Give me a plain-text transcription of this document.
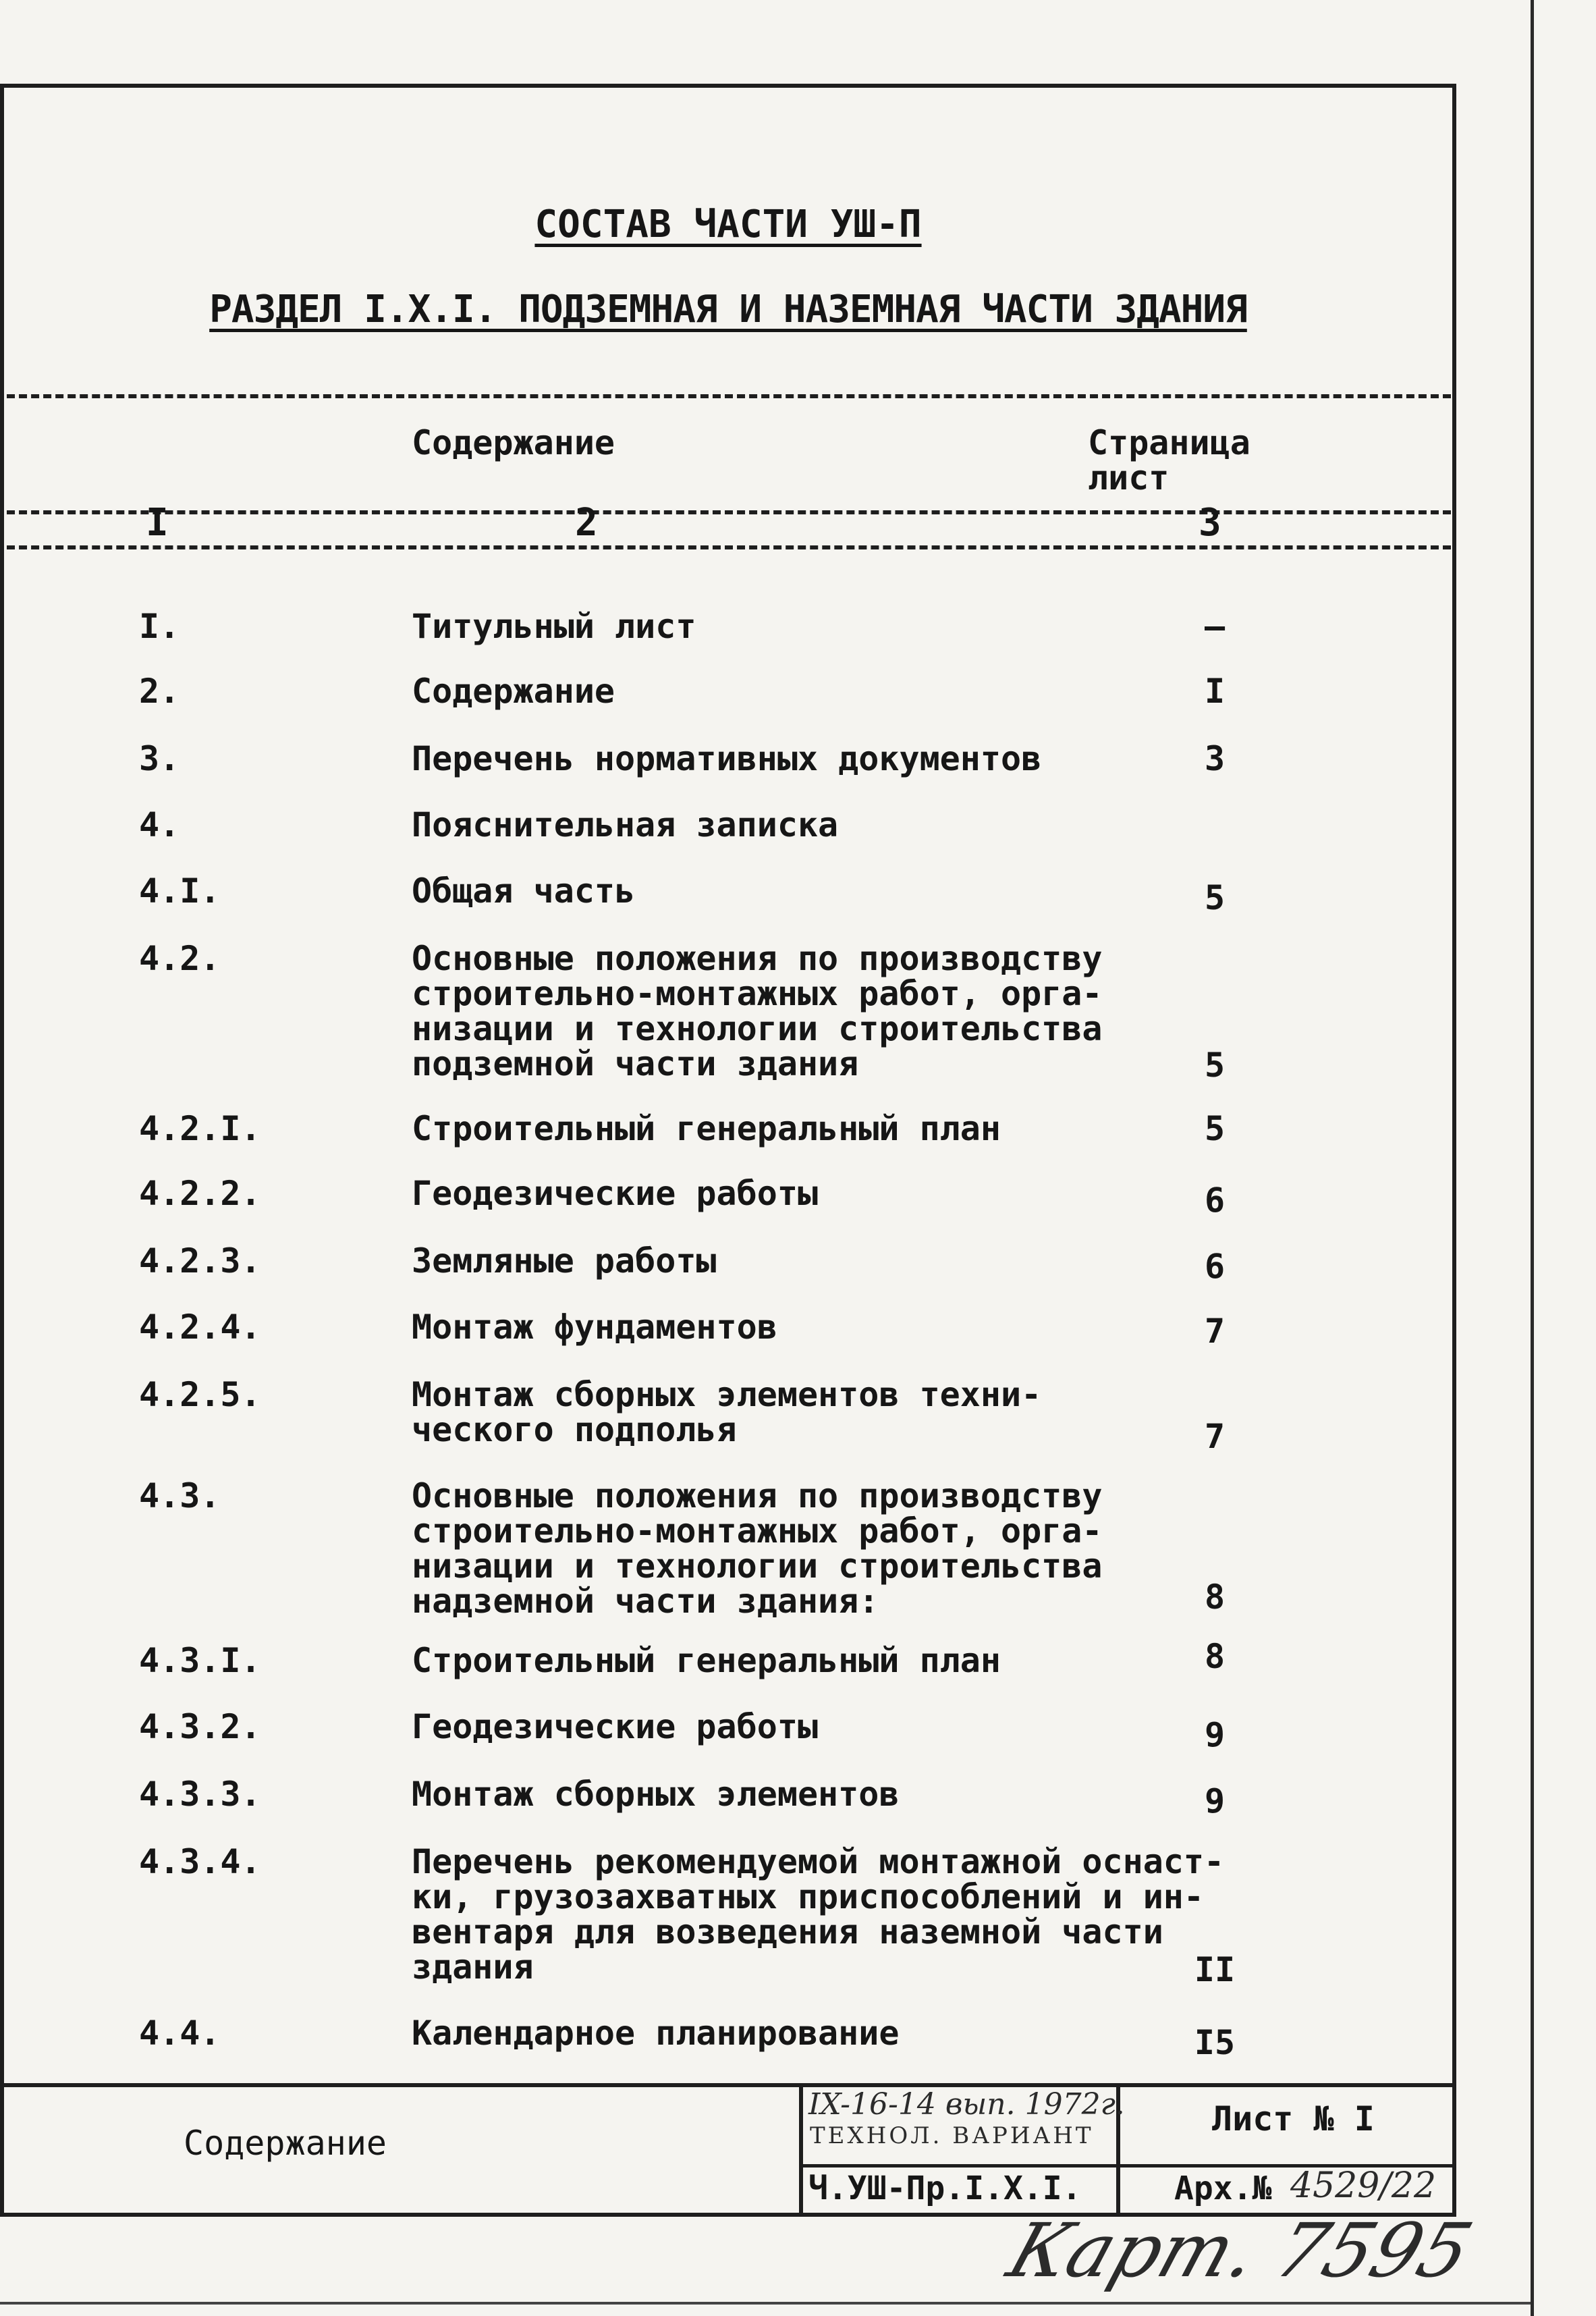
СОСТАВ ЧАСТИ УШ-П
РАЗДЕЛ I.Х.I. ПОДЗЕМНАЯ И НАЗЕМНАЯ ЧАСТИ ЗДАНИЯ
Содержание	Страница
лист
I	2	3
I.	Титульный лист	–
2.	Содержание	I
3.	Перечень нормативных документов	3
4.	Пояснительная записка
4.I.	Общая часть	5
4.2.	Основные положения по производству
строительно-монтажных работ, орга-
низации и технологии строительства
подземной части здания	5
4.2.I.	Строительный генеральный план	5
4.2.2.	Геодезические работы	6
4.2.3.	Земляные работы	6
4.2.4.	Монтаж фундаментов	7
4.2.5.	Монтаж сборных элементов техни-
ческого подполья	7
4.3.	Основные положения по производству
строительно-монтажных работ, орга-
низации и технологии строительства
надземной части здания:	8
4.3.I.	Строительный генеральный план	8
4.3.2.	Геодезические работы	9
4.3.3.	Монтаж сборных элементов	9
4.3.4.	Перечень рекомендуемой монтажной оснаст-
ки, грузозахватных приспособлений и ин-
вентаря для возведения наземной части
здания	II
4.4.	Календарное планирование	I5
Содержание
IX-16-14 вып. 1972г.
ТЕХНОЛ. ВАРИАНТ
Ч.УШ-Пр.I.Х.I.
Лист № I
Арх.№ 4529/22
Карт. 7595
